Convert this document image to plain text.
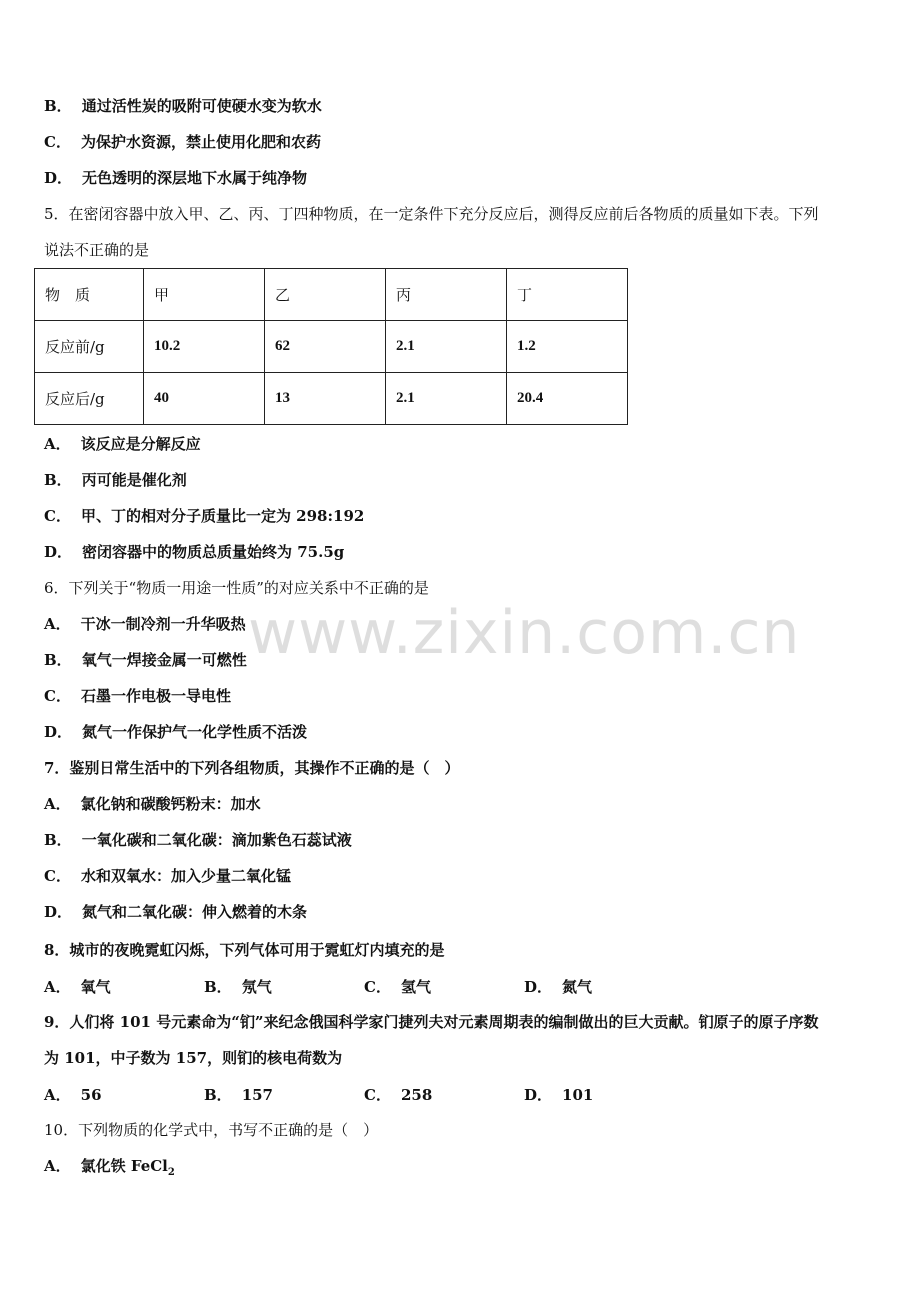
B． 通过活性炭的吸附可使硬水变为软水
C． 为保护水资源，禁止使用化肥和农药
D． 无色透明的深层地下水属于纯净物
5．在密闭容器中放入甲、乙、丙、丁四种物质，在一定条件下充分反应后，测得反应前后各物质的质量如下表。下列
说法不正确的是
物　质	甲	乙	丙	丁
反应前/g	10.2	62	2.1	1.2
反应后/g	40	13	2.1	20.4
A． 该反应是分解反应
B． 丙可能是催化剂
C． 甲、丁的相对分子质量比一定为 298:192
D． 密闭容器中的物质总质量始终为 75.5g
6．下列关于“物质一用途一性质”的对应关系中不正确的是
A． 干冰一制冷剂一升华吸热
B． 氧气一焊接金属一可燃性
C． 石墨一作电极一导电性
D． 氮气一作保护气一化学性质不活泼
7．鉴别日常生活中的下列各组物质，其操作不正确的是（　）
A． 氯化钠和碳酸钙粉末：加水
B． 一氧化碳和二氧化碳：滴加紫色石蕊试液
C． 水和双氧水：加入少量二氧化锰
D． 氮气和二氧化碳：伸入燃着的木条
8．城市的夜晚霓虹闪烁，下列气体可用于霓虹灯内填充的是
A． 氧气	B． 氖气	C． 氢气	D． 氮气
9．人们将 101 号元素命为“钔”来纪念俄国科学家门捷列夫对元素周期表的编制做出的巨大贡献。钔原子的原子序数
为 101，中子数为 157，则钔的核电荷数为
A． 56	B． 157	C． 258	D． 101
10．下列物质的化学式中，书写不正确的是（　）
A． 氯化铁 FeCl$_2$
www.zixin.com.cn
